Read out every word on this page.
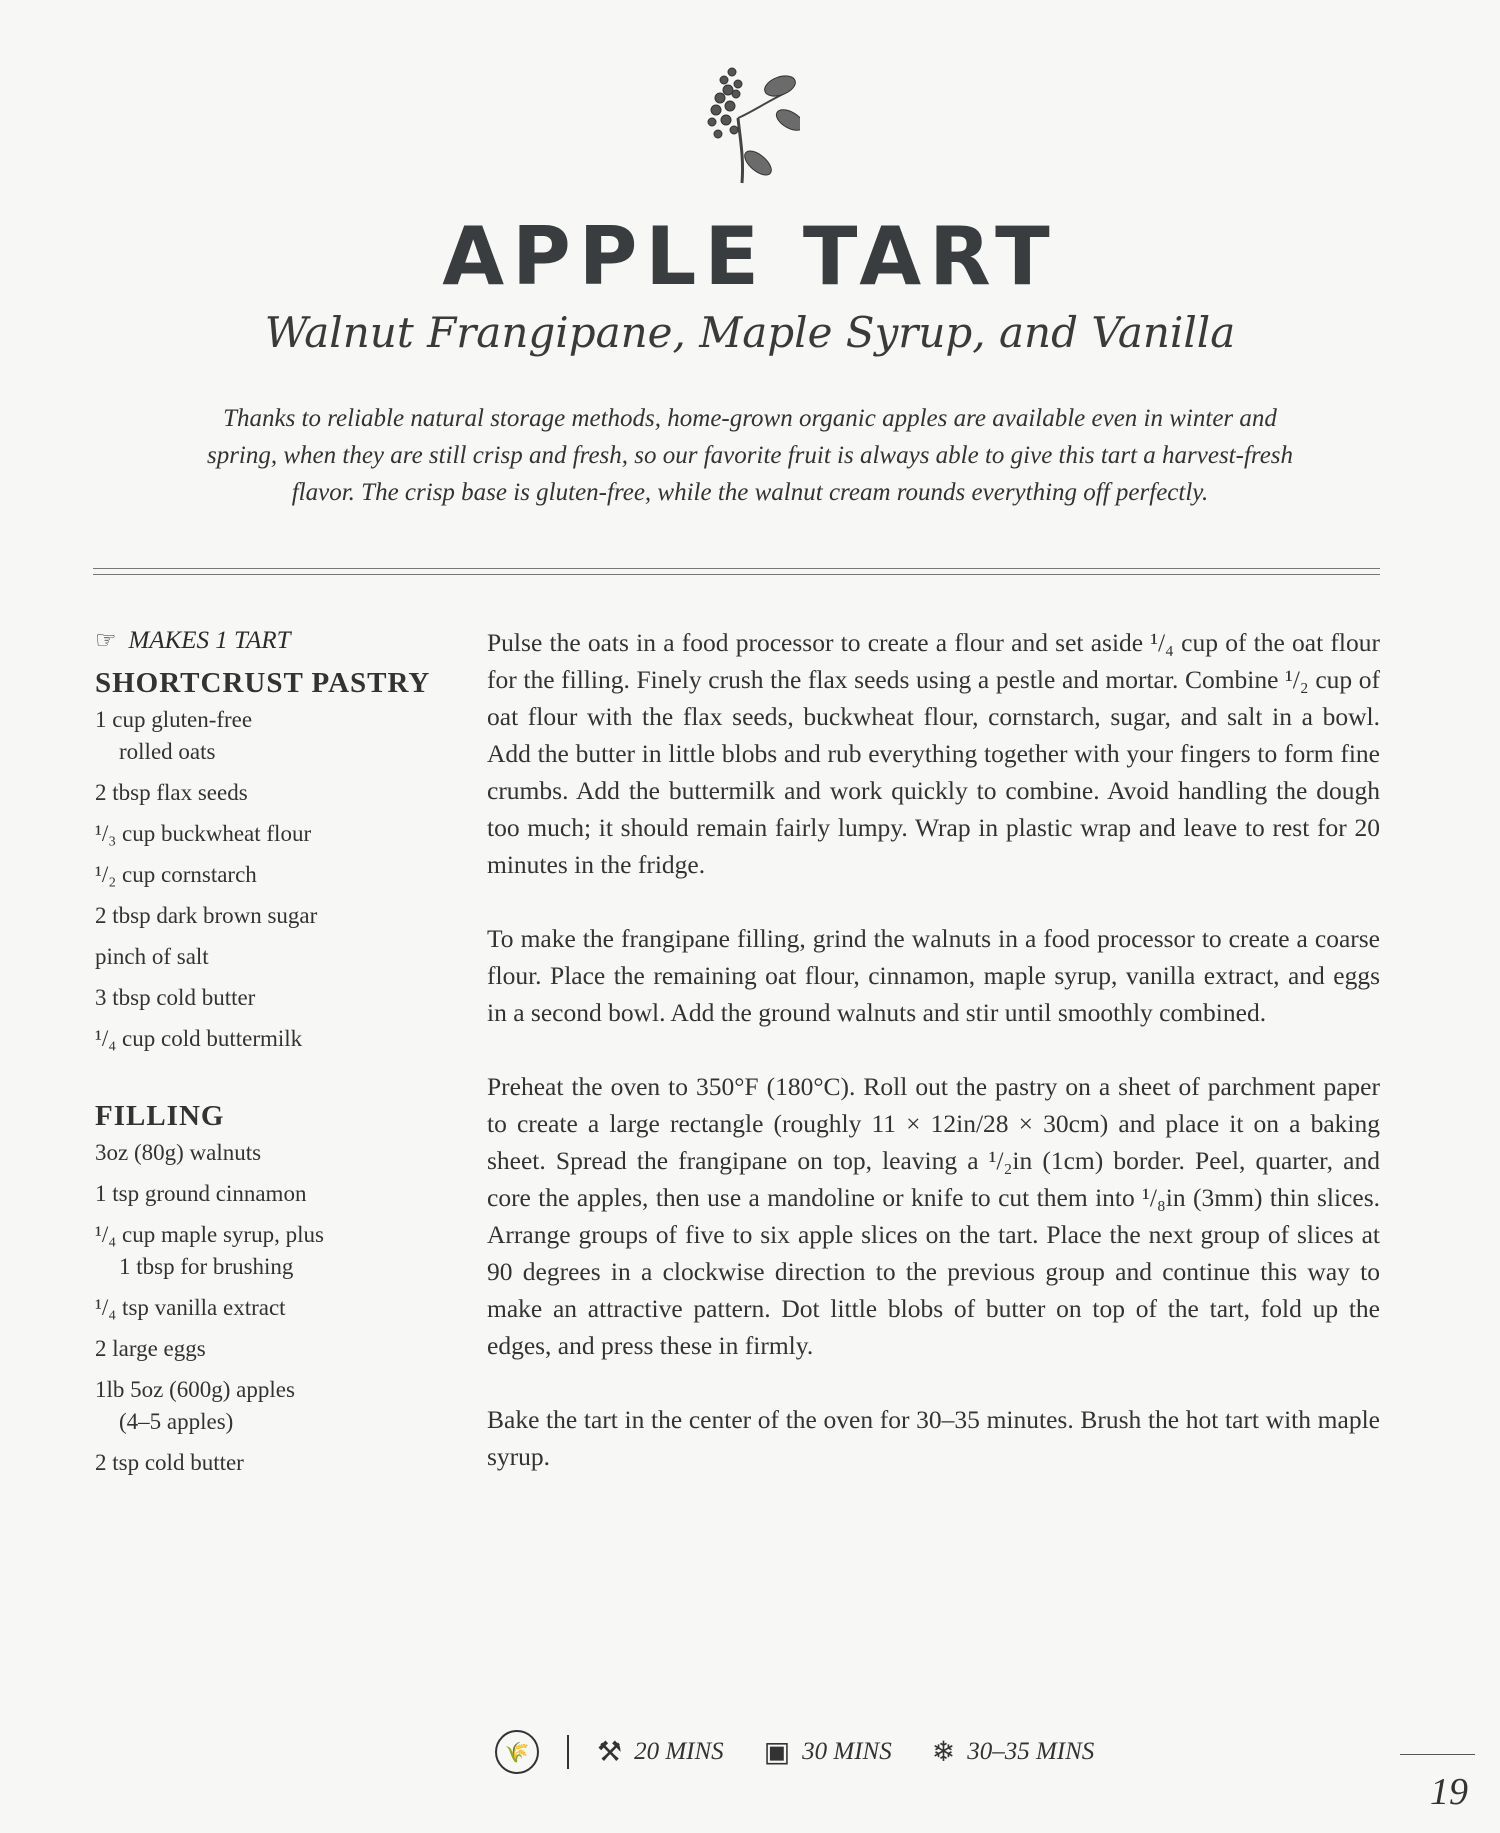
APPLE TART
Walnut Frangipane, Maple Syrup, and Vanilla
Thanks to reliable natural storage methods, home-grown organic apples are available even in winter and spring, when they are still crisp and fresh, so our favorite fruit is always able to give this tart a harvest-fresh flavor. The crisp base is gluten-free, while the walnut cream rounds everything off perfectly.
☞ MAKES 1 TART
SHORTCRUST PASTRY
1 cup gluten-free
rolled oats
2 tbsp flax seeds
¹/₃ cup buckwheat flour
¹/₂ cup cornstarch
2 tbsp dark brown sugar
pinch of salt
3 tbsp cold butter
¹/₄ cup cold buttermilk
FILLING
3oz (80g) walnuts
1 tsp ground cinnamon
¹/₄ cup maple syrup, plus
1 tbsp for brushing
¹/₄ tsp vanilla extract
2 large eggs
1lb 5oz (600g) apples
(4–5 apples)
2 tsp cold butter

Pulse the oats in a food processor to create a flour and set aside ¹/₄ cup of the oat flour for the filling. Finely crush the flax seeds using a pestle and mortar. Combine ¹/₂ cup of oat flour with the flax seeds, buckwheat flour, cornstarch, sugar, and salt in a bowl. Add the butter in little blobs and rub everything together with your fingers to form fine crumbs. Add the buttermilk and work quickly to combine. Avoid handling the dough too much; it should remain fairly lumpy. Wrap in plastic wrap and leave to rest for 20 minutes in the fridge.

To make the frangipane filling, grind the walnuts in a food processor to create a coarse flour. Place the remaining oat flour, cinnamon, maple syrup, vanilla extract, and eggs in a second bowl. Add the ground walnuts and stir until smoothly combined.

Preheat the oven to 350°F (180°C). Roll out the pastry on a sheet of parchment paper to create a large rectangle (roughly 11 × 12in/28 × 30cm) and place it on a baking sheet. Spread the frangipane on top, leaving a ¹/₂in (1cm) border. Peel, quarter, and core the apples, then use a mandoline or knife to cut them into ¹/₈in (3mm) thin slices. Arrange groups of five to six apple slices on the tart. Place the next group of slices at 90 degrees in a clockwise direction to the previous group and continue this way to make an attractive pattern. Dot little blobs of butter on top of the tart, fold up the edges, and press these in firmly.

Bake the tart in the center of the oven for 30–35 minutes. Brush the hot tart with maple syrup.

🌾	⚒ 20 MINS ▣ 30 MINS ❄ 30–35 MINS
19
